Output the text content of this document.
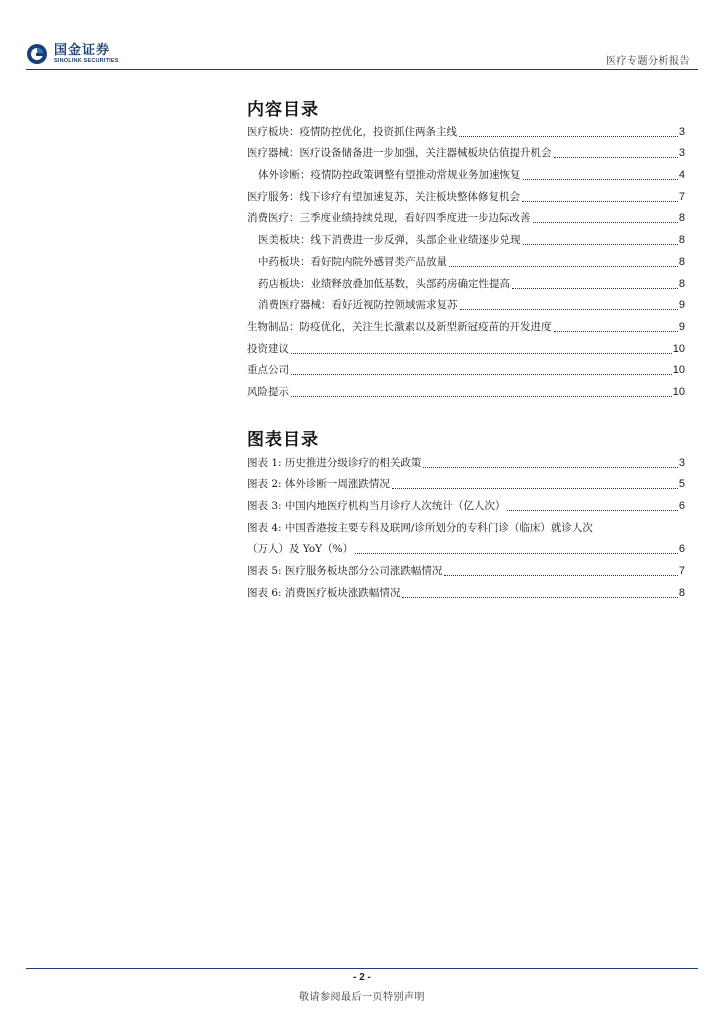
国金证券
SINOLINK SECURITIES	医疗专题分析报告
内容目录
医疗板块：疫情防控优化，投资抓住两条主线	3
医疗器械：医疗设备储备进一步加强，关注器械板块估值提升机会	3
体外诊断：疫情防控政策调整有望推动常规业务加速恢复	4
医疗服务：线下诊疗有望加速复苏，关注板块整体修复机会	7
消费医疗：三季度业绩持续兑现，看好四季度进一步边际改善	8
医美板块：线下消费进一步反弹，头部企业业绩逐步兑现	8
中药板块：看好院内院外感冒类产品放量	8
药店板块：业绩释放叠加低基数，头部药房确定性提高	8
消费医疗器械：看好近视防控领域需求复苏	9
生物制品：防疫优化，关注生长激素以及新型新冠疫苗的开发进度	9
投资建议	10
重点公司	10
风险提示	10
图表目录
图表 1: 历史推进分级诊疗的相关政策	3
图表 2: 体外诊断一周涨跌情况	5
图表 3: 中国内地医疗机构当月诊疗人次统计（亿人次）	6
图表 4: 中国香港按主要专科及联网/诊所划分的专科门诊（临床）就诊人次
（万人）及 YoY（%）	6
图表 5: 医疗服务板块部分公司涨跌幅情况	7
图表 6: 消费医疗板块涨跌幅情况	8
- 2 -
敬请参阅最后一页特别声明
